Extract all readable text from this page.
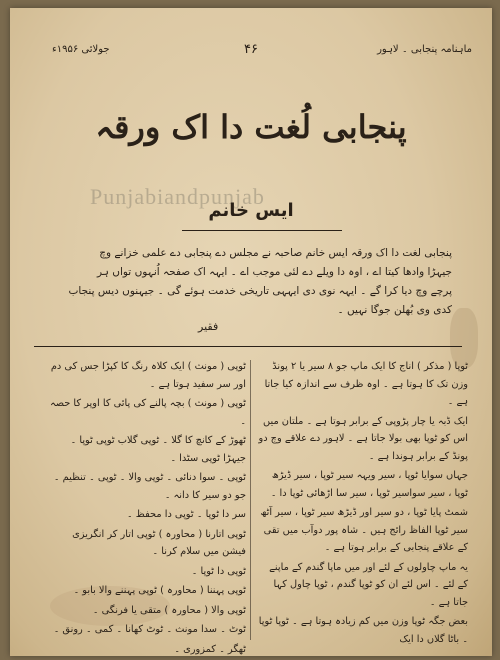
جولائی ۱۹۵۶ء	۴۶	ماہنامہ پنجابی ۔ لاہور
پنجابی لُغت دا اک ورقہ
Punjabiandpunjab
ایس خانم

پنجابی لغت دا اک ورقہ ایس خانم صاحبہ نے مجلس دے پنجابی دے علمی خزانے وچ

جیہڑا وادھا کیتا اے ، اوہ دا ویلے دے لئی موجب اے ۔ ایہہ اک صفحہ اُنہوں تواں ہر

پرچے وچ دیا کرا گے ۔ ایہہ نوی دی ایہہی تاریخی خدمت ہوئے گی ۔ جیہنوں دیس پنجاب

کدی وی بُھلن جوگا نہیں ۔

فقیر

ٹوپا ( مذکر ) اناج کا ایک ماپ جو ۸ سیر یا ۲ پونڈ وزن تک کا ہوتا ہے ۔ اوہ ظرف سے اندازہ کیا جاتا ہے ۔

ایک ڈبہ یا چار پڑوپی کے برابر ہوتا ہے ۔ ملتان میں اس کو ٹوپا بھی بولا جاتا ہے ۔ لاہور دے علاقے وچ دو پونڈ کے برابر ہوندا ہے ۔

جہاں سوایا ٹوپا ، سیر ویہہ سیر ٹوپا ، سیر ڈیڑھ ٹوپا ، سیر سواسیر ٹوپا ، سیر سا اڑھائی ٹوپا دا ۔

شمٹ پایا ٹوپا ، دو سیر اور ڈیڑھ سیر ٹوپا ، سیر آٹھ سیر ٹوپا الفاظ رائج ہیں ۔ شاہ پور دوآب میں تقی کے علاقے پنجابی کے برابر ہوتا ہے ۔

یہ ماپ چاولوں کے لئے اور میں ماپا گندم کے ماپنے کے لئے ۔ اس لئے ان کو ٹوپا گندم ، ٹوپا چاول کہا جاتا ہے ۔

بعض جگہ ٹوپا وزن میں کم زیادہ ہوتا ہے ۔ ٹوپا ٹوپا ۔ باٹا گلاں دا ایک

ٹوپی ( مونث ) ایک کلاہ رنگ کا کپڑا جس کی دم اور سر سفید ہوتا ہے ۔

ٹوپی ( مونث ) بچہ پالنے کی پائی کا اوپر کا حصہ ۔

ٹھوڑ کے کانچ کا گلا ۔ ٹوپی گلاب ٹوپی ٹوپا ۔ جیہڑا ٹوپی سٹدا ۔

ٹوپی ۔ سوا دنائی ۔ ٹوپی والا ۔ ٹوپی ۔ تنظیم ۔ جو دو سیر کا دانہ ۔

سر دا ٹوپا ۔ ٹوپی دا محفظ ۔

ٹوپی اتارنا ( محاورہ ) ٹوپی اتار کر انگریزی فیشن میں سلام کرنا ۔

ٹوپی دا ٹوپا ۔

ٹوپی پہننا ( محاورہ ) ٹوپی پہننے والا بابو ۔

ٹوپی والا ( محاورہ ) متقی یا فرنگی ۔

ٹوٹ ۔ سدا مونث ۔ ٹوٹ کھانا ۔ کمی ۔ رونق ۔

ٹھگر ۔ کمزوری ۔
